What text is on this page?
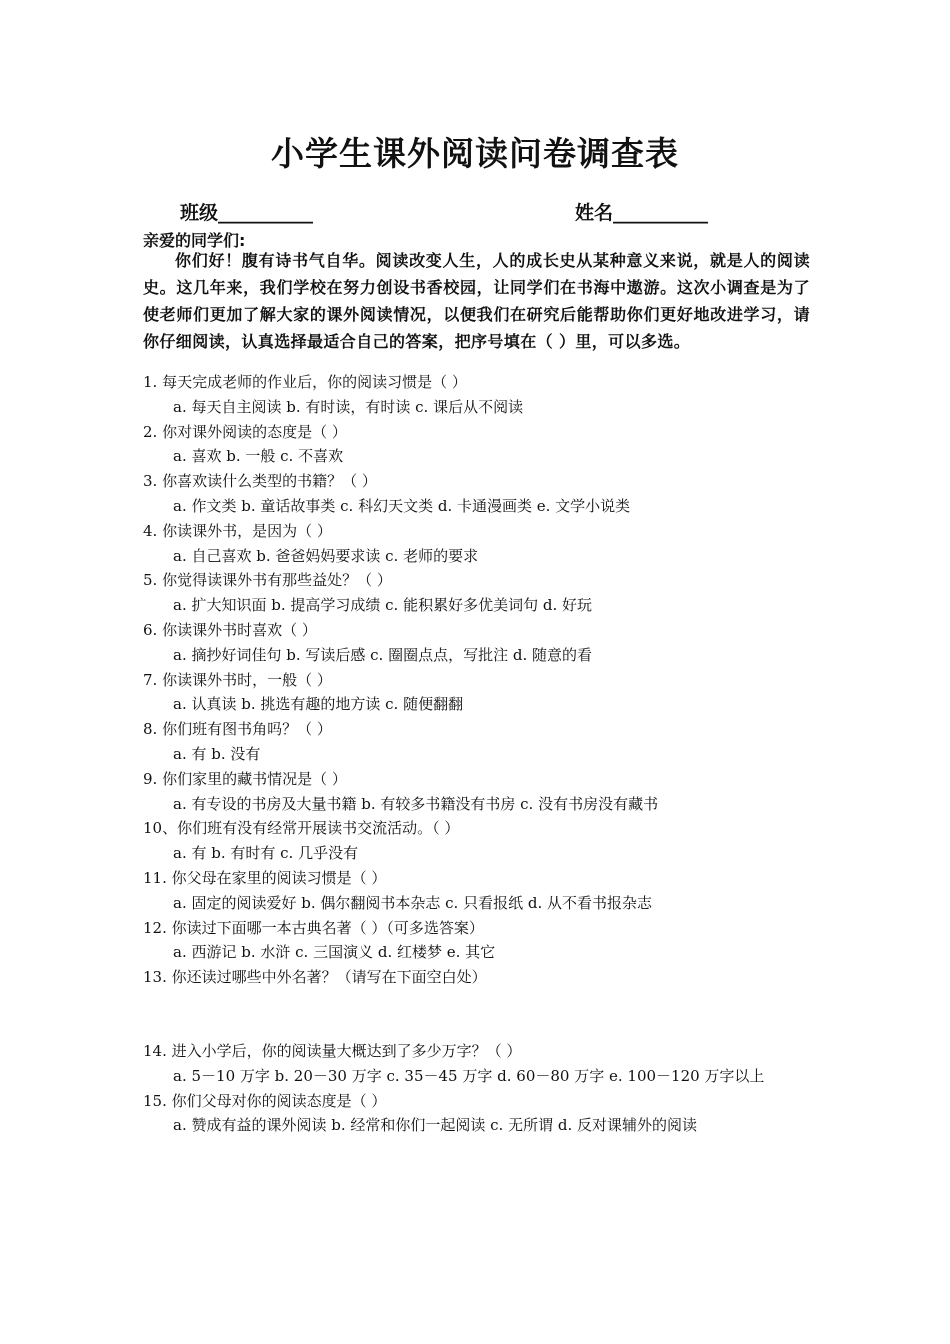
小学生课外阅读问卷调查表
班级__________	姓名__________
亲爱的同学们:
你们好！腹有诗书气自华。阅读改变人生，人的成长史从某种意义来说，就是人的阅读史。这几年来，我们学校在努力创设书香校园，让同学们在书海中遨游。这次小调查是为了使老师们更加了解大家的课外阅读情况，以便我们在研究后能帮助你们更好地改进学习，请你仔细阅读，认真选择最适合自己的答案，把序号填在（ ）里，可以多选。
1. 每天完成老师的作业后，你的阅读习惯是（ ）
a. 每天自主阅读 b. 有时读，有时读 c. 课后从不阅读
2. 你对课外阅读的态度是（ ）
a. 喜欢 b. 一般 c. 不喜欢
3. 你喜欢读什么类型的书籍？（ ）
a. 作文类 b. 童话故事类 c. 科幻天文类 d. 卡通漫画类 e. 文学小说类
4. 你读课外书，是因为（ ）
a. 自己喜欢 b. 爸爸妈妈要求读 c. 老师的要求
5. 你觉得读课外书有那些益处？（ ）
a. 扩大知识面 b. 提高学习成绩 c. 能积累好多优美词句 d. 好玩
6. 你读课外书时喜欢（ ）
a. 摘抄好词佳句 b. 写读后感 c. 圈圈点点，写批注 d. 随意的看
7. 你读课外书时，一般（ ）
a. 认真读 b. 挑选有趣的地方读 c. 随便翻翻
8. 你们班有图书角吗？（ ）
a. 有 b. 没有
9. 你们家里的藏书情况是（ ）
a. 有专设的书房及大量书籍 b. 有较多书籍没有书房 c. 没有书房没有藏书
10、你们班有没有经常开展读书交流活动。（ ）
a. 有 b. 有时有 c. 几乎没有
11. 你父母在家里的阅读习惯是（ ）
a. 固定的阅读爱好 b. 偶尔翻阅书本杂志 c. 只看报纸 d. 从不看书报杂志
12. 你读过下面哪一本古典名著（ ）（可多选答案）
a. 西游记 b. 水浒 c. 三国演义 d. 红楼梦 e. 其它
13. 你还读过哪些中外名著？（请写在下面空白处）
14. 进入小学后，你的阅读量大概达到了多少万字？（ ）
a. 5－10 万字 b. 20－30 万字 c. 35－45 万字 d. 60－80 万字 e. 100－120 万字以上
15. 你们父母对你的阅读态度是（ ）
a. 赞成有益的课外阅读 b. 经常和你们一起阅读 c. 无所谓 d. 反对课辅外的阅读
